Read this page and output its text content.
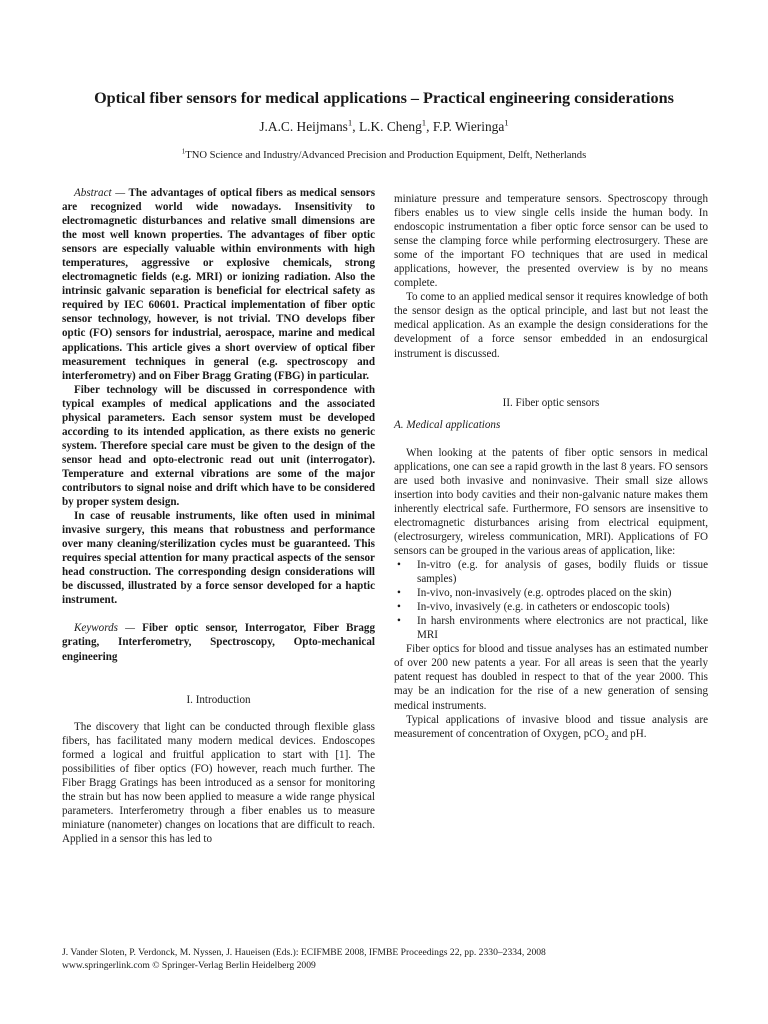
Optical fiber sensors for medical applications – Practical engineering considerations
J.A.C. Heijmans$^1$, L.K. Cheng$^1$, F.P. Wieringa$^1$
$^1$TNO Science and Industry/Advanced Precision and Production Equipment, Delft, Netherlands

Abstract — The advantages of optical fibers as medical sensors are recognized world wide nowadays. Insensitivity to electromagnetic disturbances and relative small dimensions are the most well known properties. The advantages of fiber optic sensors are especially valuable within environments with high temperatures, aggressive or explosive chemicals, strong electromagnetic fields (e.g. MRI) or ionizing radiation. Also the intrinsic galvanic separation is beneficial for electrical safety as required by IEC 60601. Practical implementation of fiber optic sensor technology, however, is not trivial. TNO develops fiber optic (FO) sensors for industrial, aerospace, marine and medical applications. This article gives a short overview of optical fiber measurement techniques in general (e.g. spectroscopy and interferometry) and on Fiber Bragg Grating (FBG) in particular.

Fiber technology will be discussed in correspondence with typical examples of medical applications and the associated physical parameters. Each sensor system must be developed according to its intended application, as there exists no generic system. Therefore special care must be given to the design of the sensor head and opto-electronic read out unit (interrogator). Temperature and external vibrations are some of the major contributors to signal noise and drift which have to be considered by proper system design.

In case of reusable instruments, like often used in minimal invasive surgery, this means that robustness and performance over many cleaning/sterilization cycles must be guaranteed. This requires special attention for many practical aspects of the sensor head construction. The corresponding design considerations will be discussed, illustrated by a force sensor developed for a haptic instrument.

Keywords — Fiber optic sensor, Interrogator, Fiber Bragg grating, Interferometry, Spectroscopy, Opto-mechanical engineering

I. Introduction

The discovery that light can be conducted through flexible glass fibers, has facilitated many modern medical devices. Endoscopes formed a logical and fruitful application to start with [1]. The possibilities of fiber optics (FO) however, reach much further. The Fiber Bragg Gratings has been introduced as a sensor for monitoring the strain but has now been applied to measure a wide range physical parameters. Interferometry through a fiber enables us to measure miniature (nanometer) changes on locations that are difficult to reach. Applied in a sensor this has led to

miniature pressure and temperature sensors. Spectroscopy through fibers enables us to view single cells inside the human body. In endoscopic instrumentation a fiber optic force sensor can be used to sense the clamping force while performing electrosurgery. These are some of the important FO techniques that are used in medical applications, however, the presented overview is by no means complete.

To come to an applied medical sensor it requires knowledge of both the sensor design as the optical principle, and last but not least the medical application. As an example the design considerations for the development of a force sensor embedded in an endosurgical instrument is discussed.

II. Fiber optic sensors

A. Medical applications

When looking at the patents of fiber optic sensors in medical applications, one can see a rapid growth in the last 8 years. FO sensors are used both invasive and noninvasive. Their small size allows insertion into body cavities and their non-galvanic nature makes them inherently electrical safe. Furthermore, FO sensors are insensitive to electromagnetic disturbances arising from electrical equipment, (electrosurgery, wireless communication, MRI). Applications of FO sensors can be grouped in the various areas of application, like:

• In-vitro (e.g. for analysis of gases, bodily fluids or tissue samples)
• In-vivo, non-invasively (e.g. optrodes placed on the skin)
• In-vivo, invasively (e.g. in catheters or endoscopic tools)
• In harsh environments where electronics are not practical, like MRI

Fiber optics for blood and tissue analyses has an estimated number of over 200 new patents a year. For all areas is seen that the yearly patent request has doubled in respect to that of the year 2000. This may be an indication for the rise of a new generation of sensing medical instruments.

Typical applications of invasive blood and tissue analysis are measurement of concentration of Oxygen, pCO$_2$ and pH.

J. Vander Sloten, P. Verdonck, M. Nyssen, J. Haueisen (Eds.): ECIFMBE 2008, IFMBE Proceedings 22, pp. 2330–2334, 2008
www.springerlink.com © Springer-Verlag Berlin Heidelberg 2009
